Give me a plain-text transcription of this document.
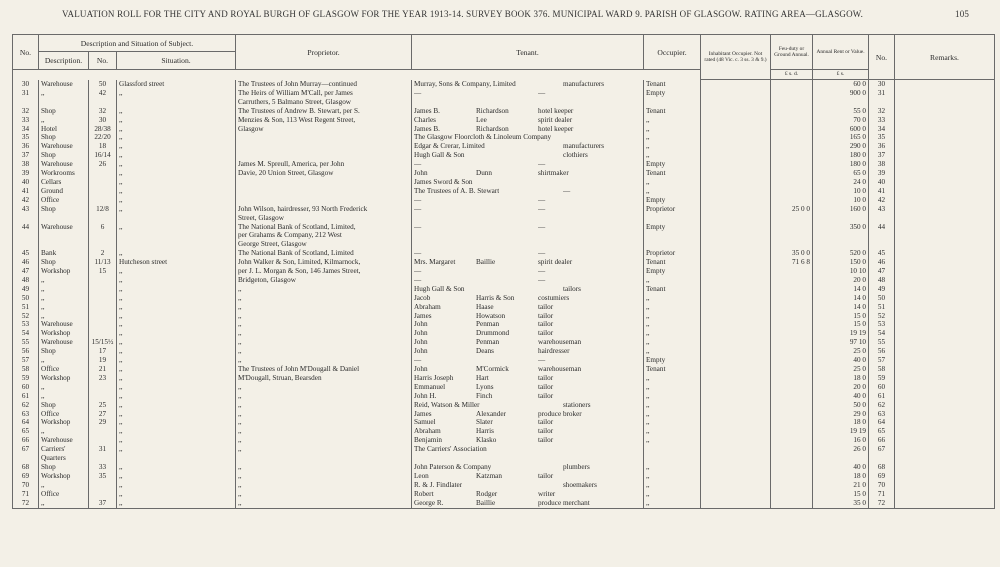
VALUATION ROLL FOR THE CITY AND ROYAL BURGH OF GLASGOW FOR THE YEAR 1913-14. SURVEY BOOK 376. MUNICIPAL WARD 9. PARISH OF GLASGOW. RATING AREA—GLASGOW.	105
No.	Description and Situation of Subject.			Proprietor.	Tenant.	Occupier.	Inhabitant Occupier. Not rated (48 Vic. c. 3 ss. 3 & 9.)	Feu-duty or Ground Annual.	Annual Rent or Value.	No.	Remarks.
	Description.	No.	Situation.								
								£ s. d.	£ s.		
30	Warehouse	50	Glassford street	The Trustees of John Murray—continued	Murray, Sons & Company, Limited manufacturers	Tenant			60 0	30	
31	,,	42	,,	The Heirs of William M'Call, per James	— —	Empty			900 0	31	
				Carruthers, 5 Balmano Street, Glasgow							
32	Shop	32	,,	The Trustees of Andrew B. Stewart, per S.	James B. Richardson hotel keeper	Tenant			55 0	32	
33	,,	30	,,	Menzies & Son, 113 West Regent Street,	Charles Lee spirit dealer	,,			70 0	33	
34	Hotel	28/38	,,	Glasgow	James B. Richardson hotel keeper	,,			600 0	34	
35	Shop	22/20	,,		The Glasgow Floorcloth & Linoleum Company	,,			165 0	35	
36	Warehouse	18	,,		Edgar & Crerar, Limited manufacturers	,,			290 0	36	
37	Shop	16/14	,,		Hugh Gall & Son clothiers	,,			180 0	37	
38	Warehouse	26	,,	James M. Spreull, America, per John	— —	Empty			180 0	38	
39	Workrooms		,,	Davie, 20 Union Street, Glasgow	John Dunn shirtmaker	Tenant			65 0	39	
40	Cellars		,,		James Sword & Son	,,			24 0	40	
41	Ground		,,		The Trustees of A. B. Stewart —	,,			10 0	41	
42	Office		,,		— —	Empty			10 0	42	
43	Shop	12/8	,,	John Wilson, hairdresser, 93 North Frederick	— —	Proprietor		25 0 0	160 0	43	
				Street, Glasgow							
44	Warehouse	6	,,	The National Bank of Scotland, Limited,	— —	Empty			350 0	44	
				per Grahams & Company, 212 West							
				George Street, Glasgow							
45	Bank	2	,,	The National Bank of Scotland, Limited	— —	Proprietor		35 0 0	520 0	45	
46	Shop	11/13	Hutcheson street	John Walker & Son, Limited, Kilmarnock,	Mrs. Margaret Baillie spirit dealer	Tenant		71 6 8	150 0	46	
47	Workshop	15	,,	per J. L. Morgan & Son, 146 James Street,	— —	Empty			10 10	47	
48	,,		,,	Bridgeton, Glasgow	— —	,,			20 0	48	
49	,,		,,	,,	Hugh Gall & Son tailors	Tenant			14 0	49	
50	,,		,,	,,	Jacob Harris & Son costumiers	,,			14 0	50	
51	,,		,,	,,	Abraham Haase tailor	,,			14 0	51	
52	,,		,,	,,	James Howatson tailor	,,			15 0	52	
53	Warehouse		,,	,,	John Penman tailor	,,			15 0	53	
54	Workshop		,,	,,	John Drummond tailor	,,			19 19	54	
55	Warehouse	15/15½	,,	,,	John Penman warehouseman	,,			97 10	55	
56	Shop	17	,,	,,	John Deans hairdresser	,,			25 0	56	
57	,,	19	,,	,,	— —	Empty			40 0	57	
58	Office	21	,,	The Trustees of John M'Dougall & Daniel	John M'Cormick warehouseman	Tenant			25 0	58	
59	Workshop	23	,,	M'Dougall, Struan, Bearsden	Harris Joseph Hart tailor	,,			18 0	59	
60	,,		,,	,,	Emmanuel Lyons tailor	,,			20 0	60	
61	,,		,,	,,	John H. Finch tailor	,,			40 0	61	
62	Shop	25	,,	,,	Reid, Watson & Miller stationers	,,			50 0	62	
63	Office	27	,,	,,	James Alexander produce broker	,,			29 0	63	
64	Workshop	29	,,	,,	Samuel Slater tailor	,,			18 0	64	
65	,,		,,	,,	Abraham Harris tailor	,,			19 19	65	
66	Warehouse		,,	,,	Benjamin Klasko tailor	,,			16 0	66	
67	Carriers'	31	,,	,,	The Carriers' Association				26 0	67	
	Quarters										
68	Shop	33	,,	,,	John Paterson & Company plumbers	,,			40 0	68	
69	Workshop	35	,,	,,	Leon Katzman tailor	,,			18 0	69	
70	,,		,,	,,	R. & J. Findlater shoemakers	,,			21 0	70	
71	Office		,,	,,	Robert Rodger writer	,,			15 0	71	
72	,,	37	,,	,,	George R. Baillie produce merchant	,,			35 0	72	
